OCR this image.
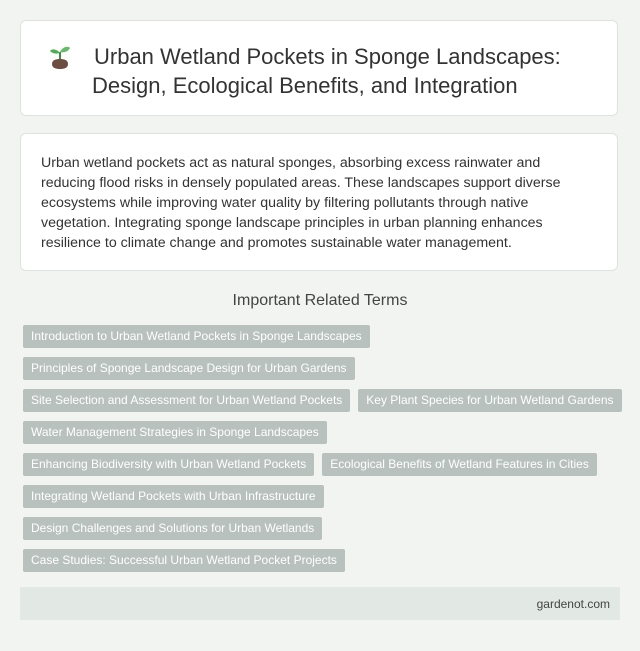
Urban Wetland Pockets in Sponge Landscapes:
Design, Ecological Benefits, and Integration

Urban wetland pockets act as natural sponges, absorbing excess rainwater and reducing flood risks in densely populated areas. These landscapes support diverse ecosystems while improving water quality by filtering pollutants through native vegetation. Integrating sponge landscape principles in urban planning enhances resilience to climate change and promotes sustainable water management.

Important Related Terms
Introduction to Urban Wetland Pockets in Sponge Landscapes
Principles of Sponge Landscape Design for Urban Gardens
Site Selection and Assessment for Urban Wetland Pockets	Key Plant Species for Urban Wetland Gardens
Water Management Strategies in Sponge Landscapes
Enhancing Biodiversity with Urban Wetland Pockets	Ecological Benefits of Wetland Features in Cities
Integrating Wetland Pockets with Urban Infrastructure
Design Challenges and Solutions for Urban Wetlands
Case Studies: Successful Urban Wetland Pocket Projects
gardenot.com
